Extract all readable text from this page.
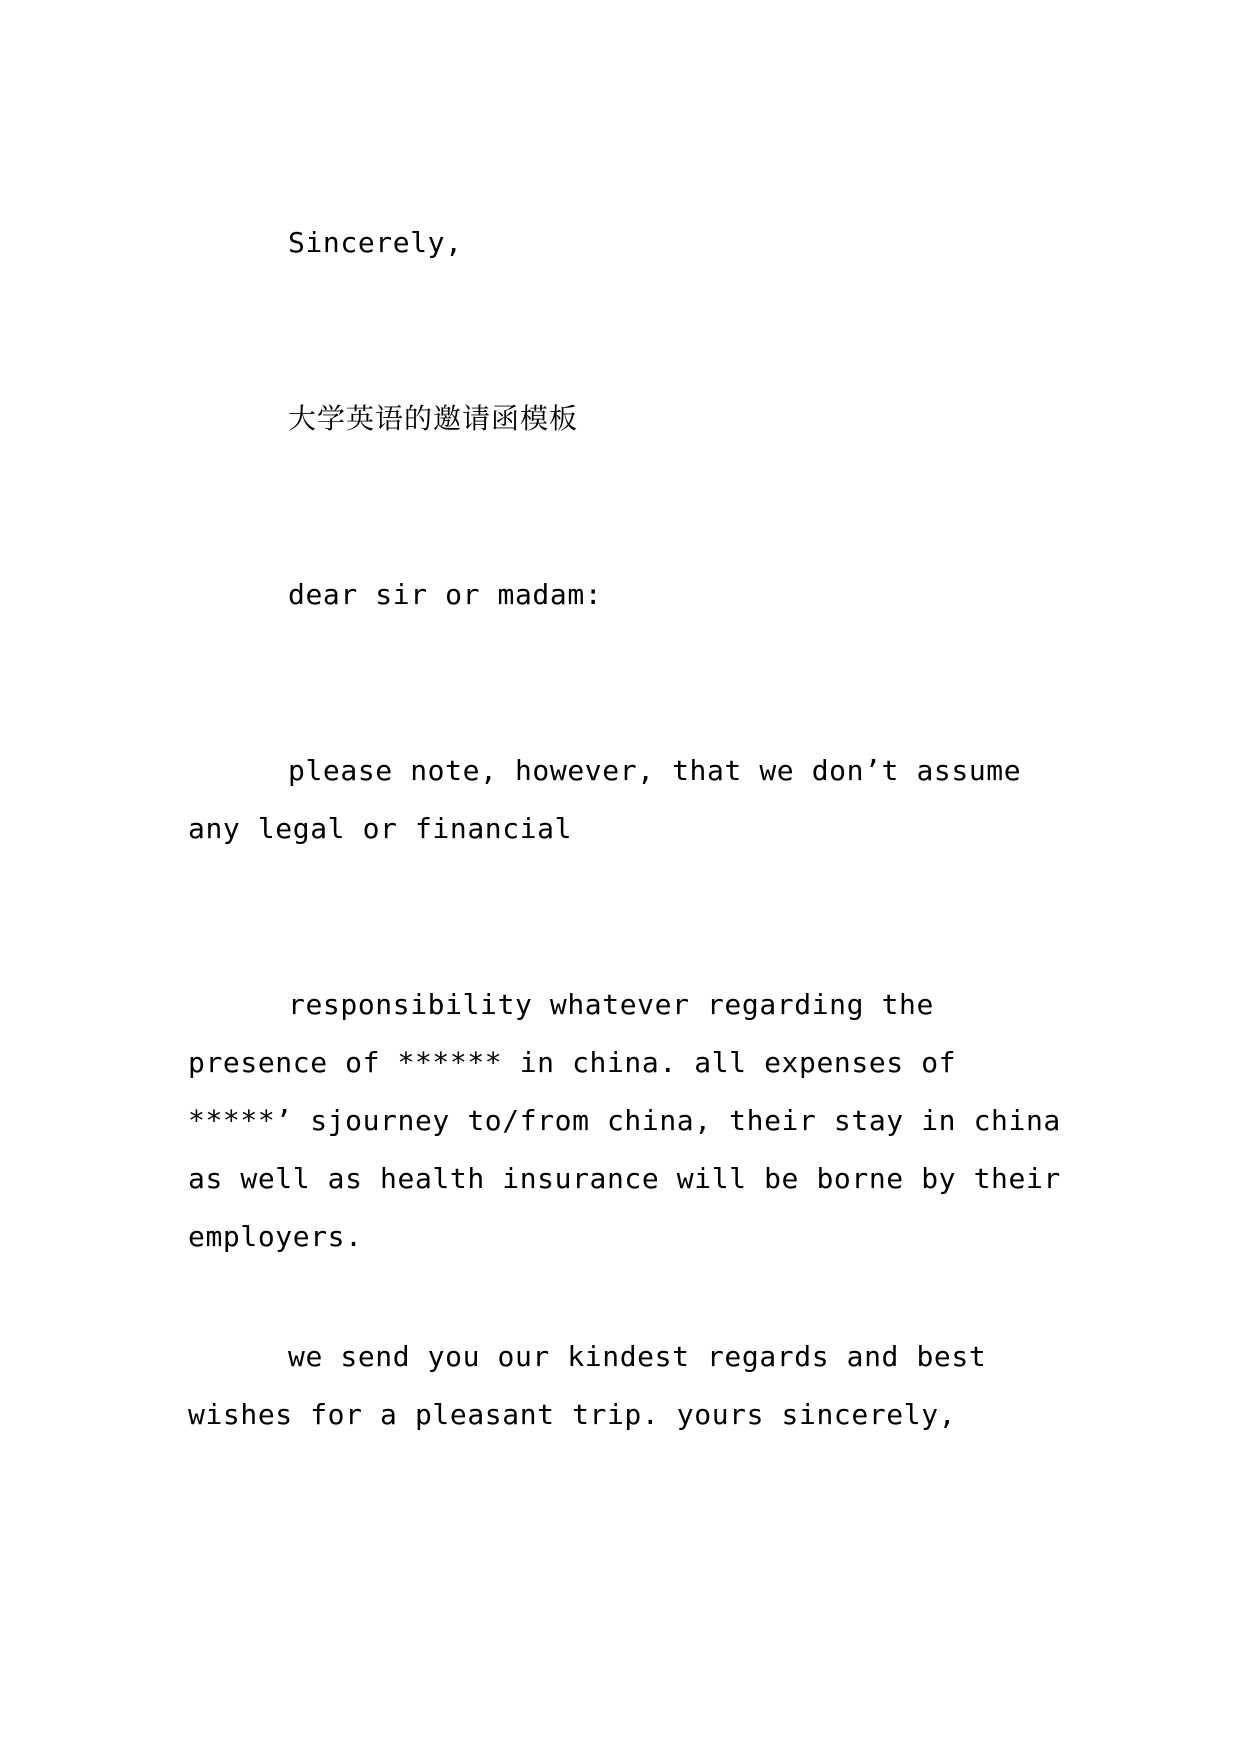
Sincerely,
大学英语的邀请函模板
dear sir or madam:
please note, however, that we don’t assume any legal or financial
responsibility whatever regarding the presence of ****** in china. all expenses of *****’ sjourney to/from china, their stay in china as well as health insurance will be borne by their employers.
we send you our kindest regards and best wishes for a pleasant trip. yours sincerely,
